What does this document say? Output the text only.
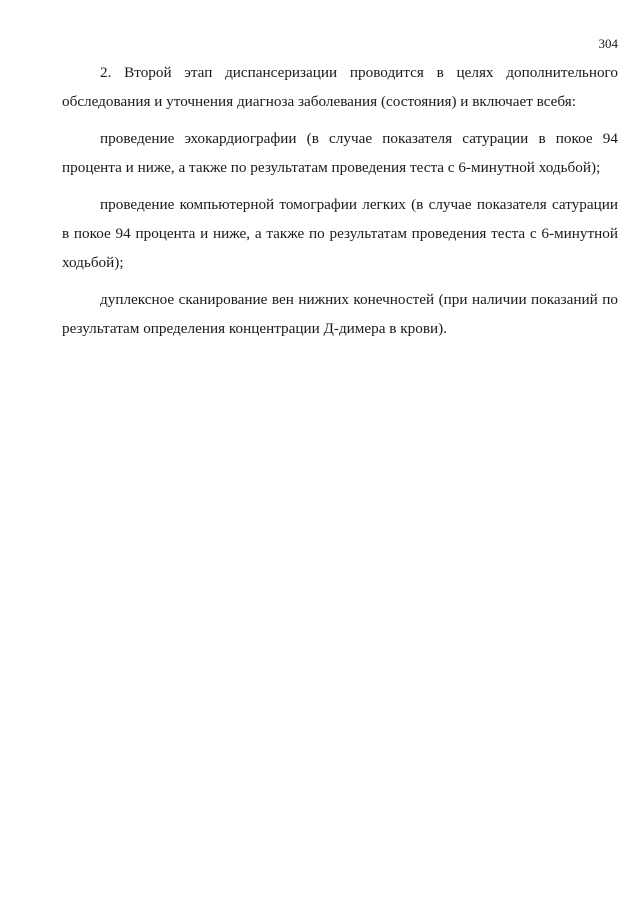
304

2. Второй этап диспансеризации проводится в целях дополнительного обследования и уточнения диагноза заболевания (состояния) и включает всебя:

проведение эхокардиографии (в случае показателя сатурации в покое 94 процента и ниже, а также по результатам проведения теста с 6-минутной ходьбой);

проведение компьютерной томографии легких (в случае показателя сатурации в покое 94 процента и ниже, а также по результатам проведения теста с 6-минутной ходьбой);

дуплексное сканирование вен нижних конечностей (при наличии показаний по результатам определения концентрации Д-димера в крови).
